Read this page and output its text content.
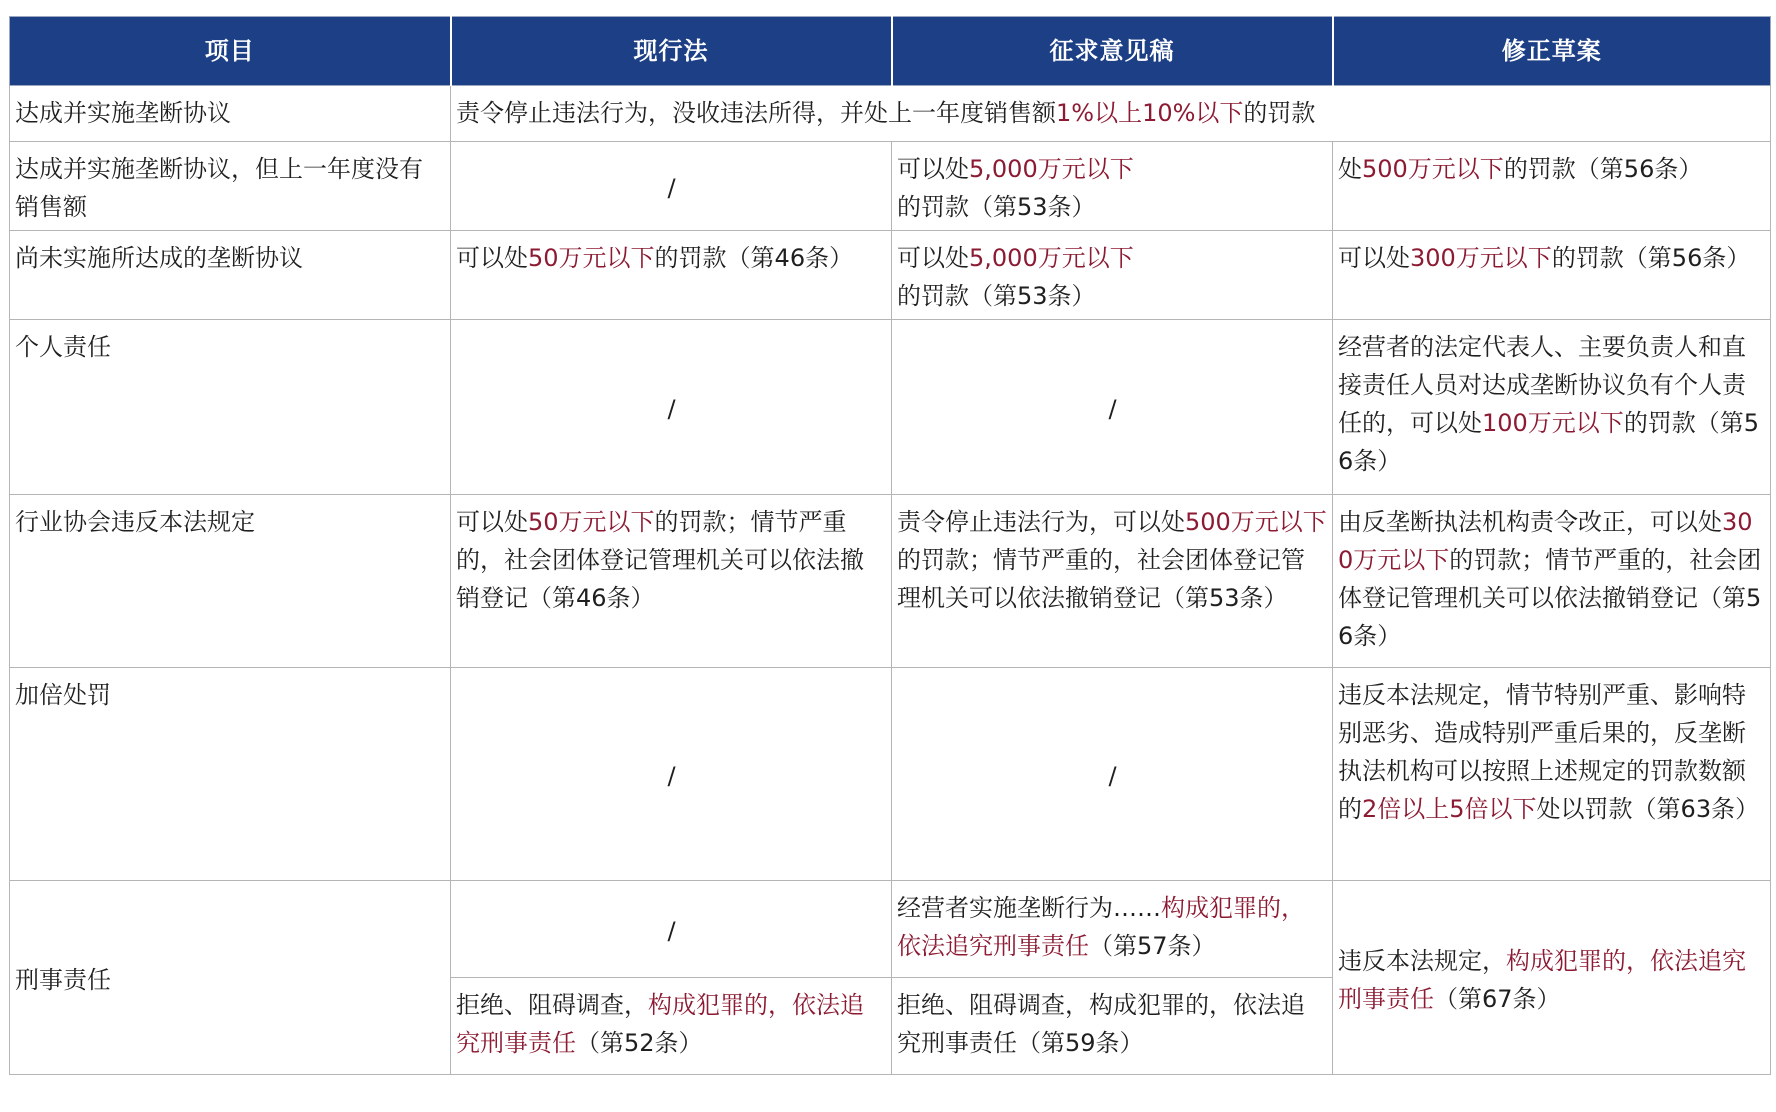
项目	现行法	征求意见稿	修正草案
达成并实施垄断协议	责令停止违法行为，没收违法所得，并处上一年度销售额1%以上10%以下的罚款		
达成并实施垄断协议，但上一年度没有销售额	/	可以处5,000万元以下的罚款（第53条）	处500万元以下的罚款（第56条）
尚未实施所达成的垄断协议	可以处50万元以下的罚款（第46条）	可以处5,000万元以下的罚款（第53条）	可以处300万元以下的罚款（第56条）
个人责任	/	/	经营者的法定代表人、主要负责人和直接责任人员对达成垄断协议负有个人责任的，可以处100万元以下的罚款（第56条）
行业协会违反本法规定	可以处50万元以下的罚款；情节严重的，社会团体登记管理机关可以依法撤销登记（第46条）	责令停止违法行为，可以处500万元以下的罚款；情节严重的，社会团体登记管理机关可以依法撤销登记（第53条）	由反垄断执法机构责令改正，可以处300万元以下的罚款；情节严重的，社会团体登记管理机关可以依法撤销登记（第56条）
加倍处罚	/	/	违反本法规定，情节特别严重、影响特别恶劣、造成特别严重后果的，反垄断执法机构可以按照上述规定的罚款数额的2倍以上5倍以下处以罚款（第63条）
刑事责任	/	经营者实施垄断行为……构成犯罪的，依法追究刑事责任（第57条）	违反本法规定，构成犯罪的，依法追究刑事责任（第67条）
	拒绝、阻碍调查，构成犯罪的，依法追究刑事责任（第52条）	拒绝、阻碍调查，构成犯罪的，依法追究刑事责任（第59条）	
